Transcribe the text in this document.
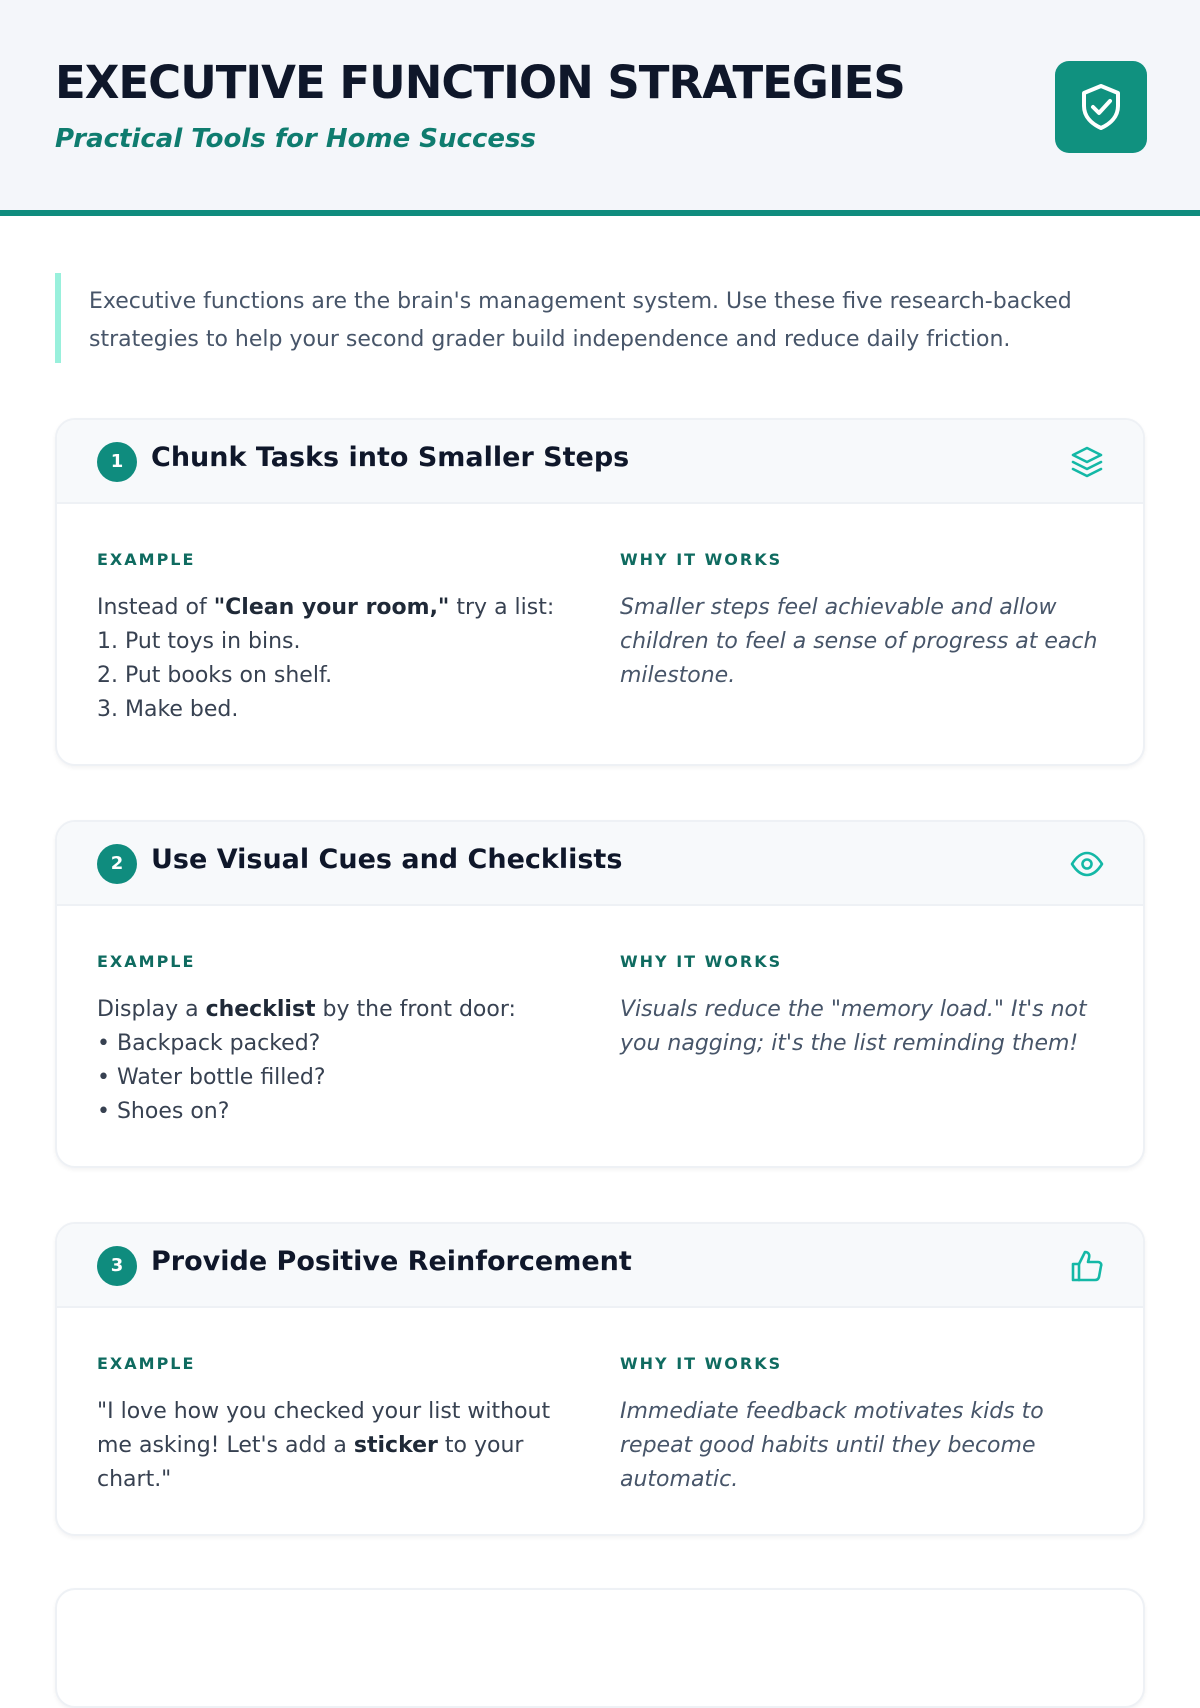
EXECUTIVE FUNCTION STRATEGIES
Practical Tools for Home Success
Executive functions are the brain's management system. Use these five research-backed strategies to help your second grader build independence and reduce daily friction.
1	Chunk Tasks into Smaller Steps
EXAMPLE
Instead of "Clean your room," try a list:
1. Put toys in bins.
2. Put books on shelf.
3. Make bed.
WHY IT WORKS
Smaller steps feel achievable and allow children to feel a sense of progress at each milestone.
2	Use Visual Cues and Checklists
EXAMPLE
Display a checklist by the front door:
• Backpack packed?
• Water bottle filled?
• Shoes on?
WHY IT WORKS
Visuals reduce the "memory load." It's not you nagging; it's the list reminding them!
3	Provide Positive Reinforcement
EXAMPLE
"I love how you checked your list without me asking! Let's add a sticker to your chart."
WHY IT WORKS
Immediate feedback motivates kids to repeat good habits until they become automatic.
